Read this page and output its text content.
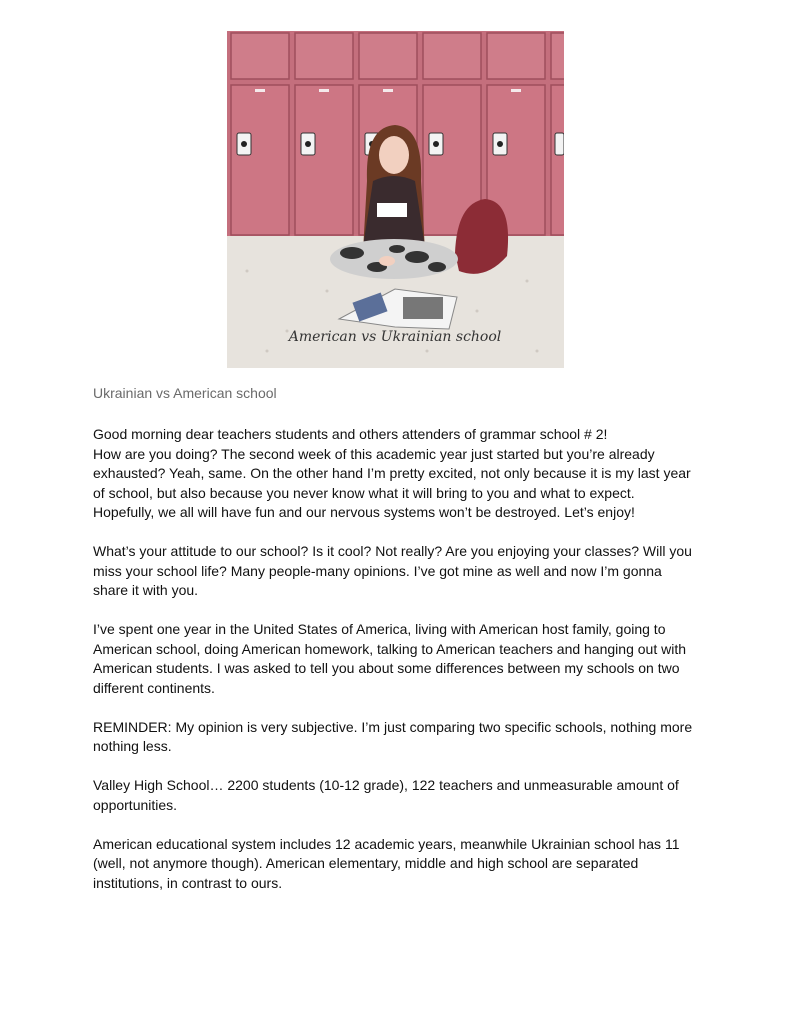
American vs Ukrainian school
Ukrainian vs American school

Good morning dear teachers students and others attenders of grammar school # 2!
How are you doing? The second week of this academic year just started but you’re already exhausted? Yeah, same. On the other hand I’m pretty excited, not only because it is my last year of school, but also because you never know what it will bring to you and what to expect. Hopefully, we all will have fun and our nervous systems won’t be destroyed. Let’s enjoy!

What’s your attitude to our school? Is it cool? Not really? Are you enjoying your classes? Will you miss your school life? Many people-many opinions. I’ve got mine as well and now I’m gonna share it with you.

I’ve spent one year in the United States of America, living with American host family, going to American school, doing American homework, talking to American teachers and hanging out with American students. I was asked to tell you about some differences between my schools on two different continents.

REMINDER: My opinion is very subjective. I’m just comparing two specific schools, nothing more nothing less.

Valley High School… 2200 students (10-12 grade), 122 teachers and unmeasurable amount of opportunities.

American educational system includes 12 academic years, meanwhile Ukrainian school has 11 (well, not anymore though). American elementary, middle and high school are separated institutions, in contrast to ours.
